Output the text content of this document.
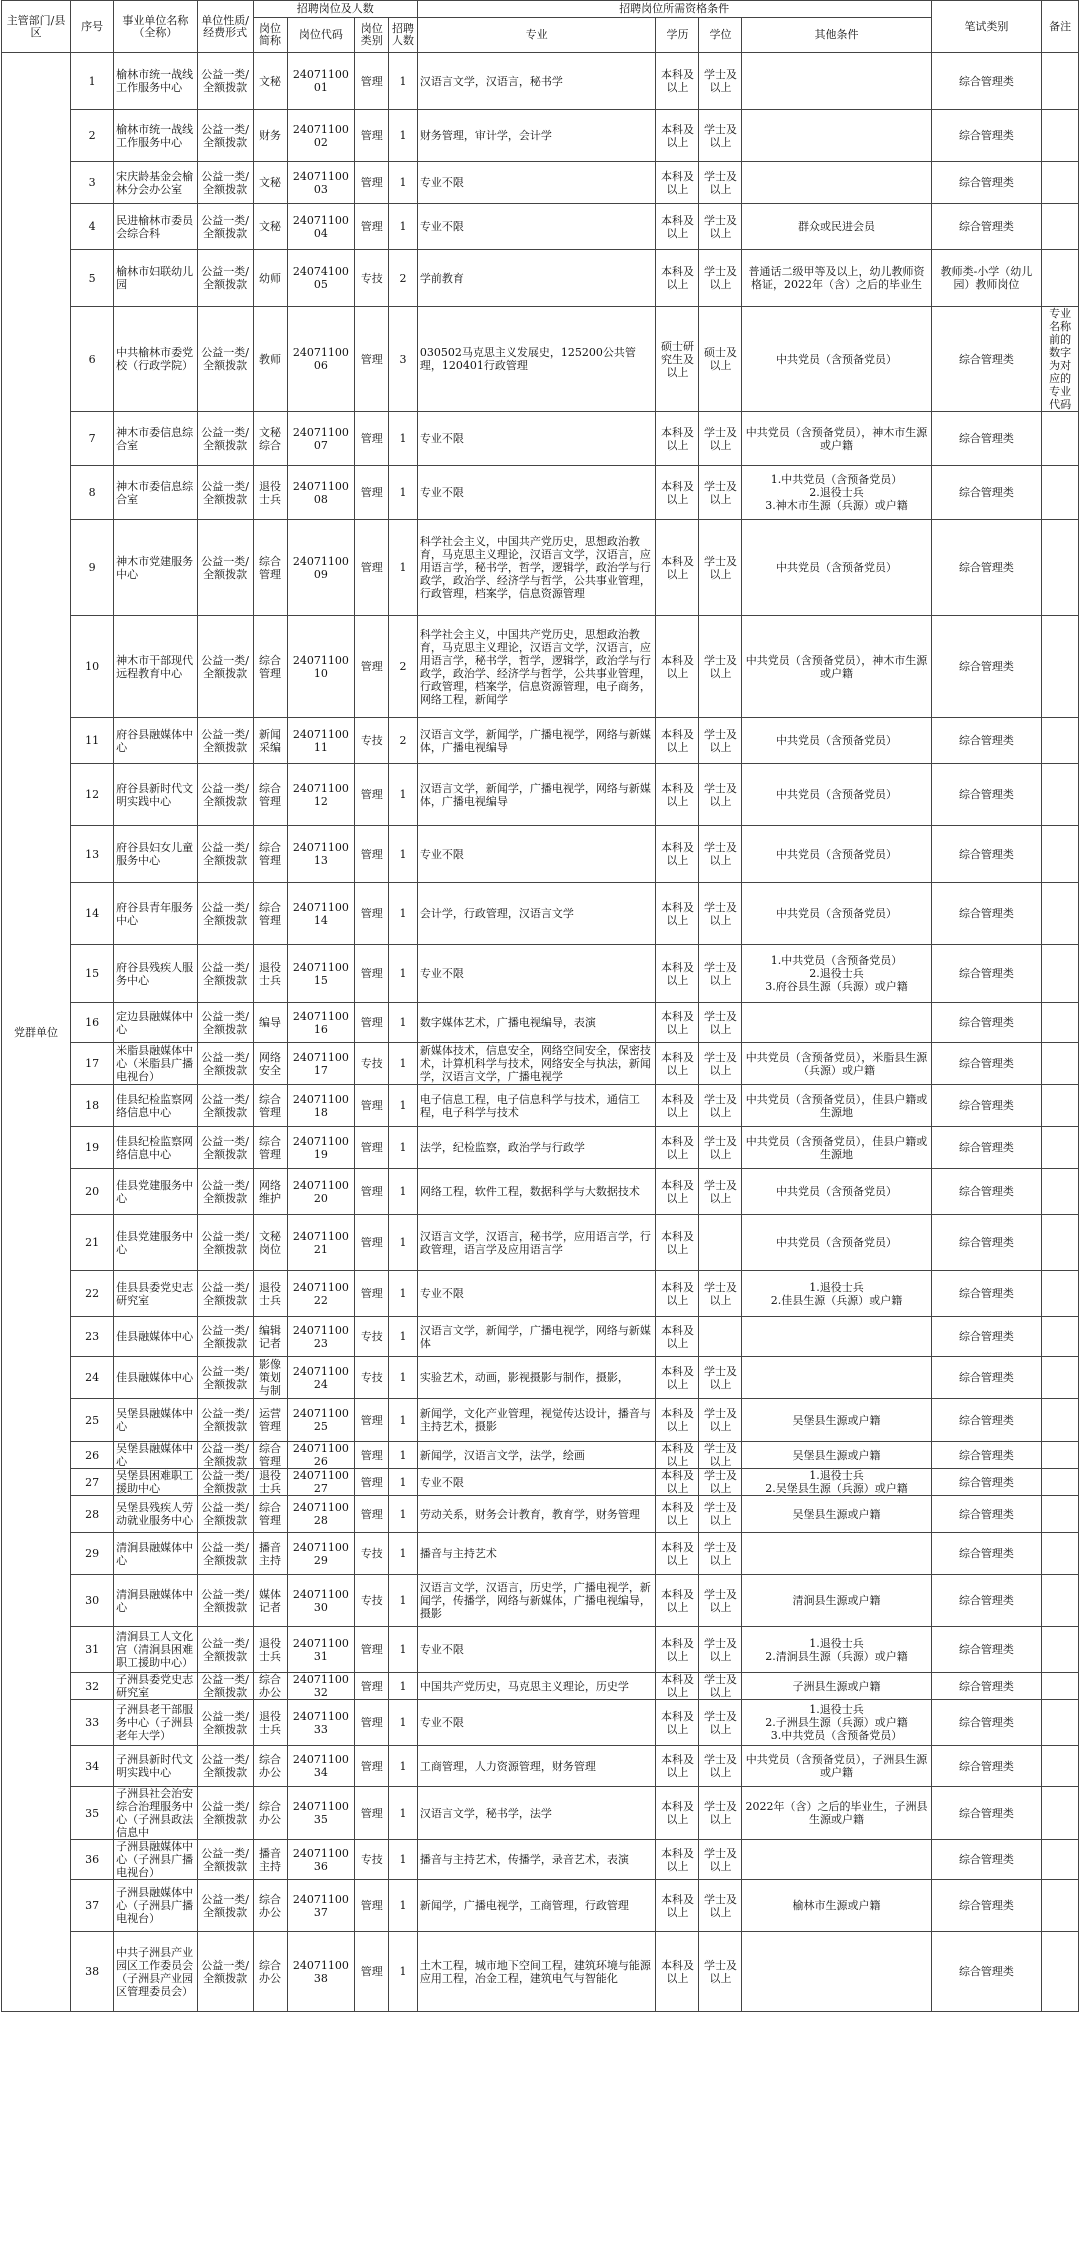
主管部门/县区	序号	事业单位名称（全称）	单位性质/经费形式	招聘岗位及人数				招聘岗位所需资格条件				笔试类别	备注
				岗位简称	岗位代码	岗位类别	招聘人数	专业	学历	学位	其他条件		
党群单位	1	榆林市统一战线工作服务中心	公益一类/全额拨款	文秘	2407110001	管理	1	汉语言文学，汉语言，秘书学	本科及以上	学士及以上		综合管理类	
	2	榆林市统一战线工作服务中心	公益一类/全额拨款	财务	2407110002	管理	1	财务管理，审计学，会计学	本科及以上	学士及以上		综合管理类	
	3	宋庆龄基金会榆林分会办公室	公益一类/全额拨款	文秘	2407110003	管理	1	专业不限	本科及以上	学士及以上		综合管理类	
	4	民进榆林市委员会综合科	公益一类/全额拨款	文秘	2407110004	管理	1	专业不限	本科及以上	学士及以上	群众或民进会员	综合管理类	
	5	榆林市妇联幼儿园	公益一类/全额拨款	幼师	2407410005	专技	2	学前教育	本科及以上	学士及以上	普通话二级甲等及以上，幼儿教师资格证，2022年（含）之后的毕业生	教师类-小学（幼儿园）教师岗位	
	6	中共榆林市委党校（行政学院）	公益一类/全额拨款	教师	2407110006	管理	3	030502马克思主义发展史，125200公共管理，120401行政管理	硕士研究生及以上	硕士及以上	中共党员（含预备党员）	综合管理类	专业名称前的数字为对应的专业代码
	7	神木市委信息综合室	公益一类/全额拨款	文秘综合	2407110007	管理	1	专业不限	本科及以上	学士及以上	中共党员（含预备党员），神木市生源或户籍	综合管理类	
	8	神木市委信息综合室	公益一类/全额拨款	退役士兵	2407110008	管理	1	专业不限	本科及以上	学士及以上	1.中共党员（含预备党员）
2.退役士兵
3.神木市生源（兵源）或户籍	综合管理类	
	9	神木市党建服务中心	公益一类/全额拨款	综合管理	2407110009	管理	1	科学社会主义，中国共产党历史，思想政治教育，马克思主义理论，汉语言文学，汉语言，应用语言学，秘书学，哲学，逻辑学，政治学与行政学，政治学、经济学与哲学，公共事业管理，行政管理，档案学，信息资源管理	本科及以上	学士及以上	中共党员（含预备党员）	综合管理类	
	10	神木市干部现代远程教育中心	公益一类/全额拨款	综合管理	2407110010	管理	2	科学社会主义，中国共产党历史，思想政治教育，马克思主义理论，汉语言文学，汉语言，应用语言学，秘书学，哲学，逻辑学，政治学与行政学，政治学、经济学与哲学，公共事业管理，行政管理，档案学，信息资源管理，电子商务，网络工程，新闻学	本科及以上	学士及以上	中共党员（含预备党员），神木市生源或户籍	综合管理类	
	11	府谷县融媒体中心	公益一类/全额拨款	新闻采编	2407110011	专技	2	汉语言文学，新闻学，广播电视学，网络与新媒体，广播电视编导	本科及以上	学士及以上	中共党员（含预备党员）	综合管理类	
	12	府谷县新时代文明实践中心	公益一类/全额拨款	综合管理	2407110012	管理	1	汉语言文学，新闻学，广播电视学，网络与新媒体，广播电视编导	本科及以上	学士及以上	中共党员（含预备党员）	综合管理类	
	13	府谷县妇女儿童服务中心	公益一类/全额拨款	综合管理	2407110013	管理	1	专业不限	本科及以上	学士及以上	中共党员（含预备党员）	综合管理类	
	14	府谷县青年服务中心	公益一类/全额拨款	综合管理	2407110014	管理	1	会计学，行政管理，汉语言文学	本科及以上	学士及以上	中共党员（含预备党员）	综合管理类	
	15	府谷县残疾人服务中心	公益一类/全额拨款	退役士兵	2407110015	管理	1	专业不限	本科及以上	学士及以上	1.中共党员（含预备党员）
2.退役士兵
3.府谷县生源（兵源）或户籍	综合管理类	
	16	定边县融媒体中心	公益一类/全额拨款	编导	2407110016	管理	1	数字媒体艺术，广播电视编导，表演	本科及以上	学士及以上		综合管理类	
	17	米脂县融媒体中心（米脂县广播电视台）	公益一类/全额拨款	网络安全	2407110017	专技	1	新媒体技术，信息安全，网络空间安全，保密技术，计算机科学与技术，网络安全与执法，新闻学，汉语言文学，广播电视学	本科及以上	学士及以上	中共党员（含预备党员），米脂县生源（兵源）或户籍	综合管理类	
	18	佳县纪检监察网络信息中心	公益一类/全额拨款	综合管理	2407110018	管理	1	电子信息工程，电子信息科学与技术，通信工程，电子科学与技术	本科及以上	学士及以上	中共党员（含预备党员），佳县户籍或生源地	综合管理类	
	19	佳县纪检监察网络信息中心	公益一类/全额拨款	综合管理	2407110019	管理	1	法学，纪检监察，政治学与行政学	本科及以上	学士及以上	中共党员（含预备党员），佳县户籍或生源地	综合管理类	
	20	佳县党建服务中心	公益一类/全额拨款	网络维护	2407110020	管理	1	网络工程，软件工程，数据科学与大数据技术	本科及以上	学士及以上	中共党员（含预备党员）	综合管理类	
	21	佳县党建服务中心	公益一类/全额拨款	文秘岗位	2407110021	管理	1	汉语言文学，汉语言，秘书学，应用语言学，行政管理，语言学及应用语言学	本科及以上		中共党员（含预备党员）	综合管理类	
	22	佳县县委党史志研究室	公益一类/全额拨款	退役士兵	2407110022	管理	1	专业不限	本科及以上	学士及以上	1.退役士兵
2.佳县生源（兵源）或户籍	综合管理类	
	23	佳县融媒体中心	公益一类/全额拨款	编辑记者	2407110023	专技	1	汉语言文学，新闻学，广播电视学，网络与新媒体	本科及以上			综合管理类	
	24	佳县融媒体中心	公益一类/全额拨款	影像策划与制	2407110024	专技	1	实验艺术，动画，影视摄影与制作，摄影，	本科及以上	学士及以上		综合管理类	
	25	吴堡县融媒体中心	公益一类/全额拨款	运营管理	2407110025	管理	1	新闻学，文化产业管理，视觉传达设计，播音与主持艺术，摄影	本科及以上	学士及以上	吴堡县生源或户籍	综合管理类	
	26	吴堡县融媒体中心	公益一类/全额拨款	综合管理	2407110026	管理	1	新闻学，汉语言文学，法学，绘画	本科及以上	学士及以上	吴堡县生源或户籍	综合管理类	
	27	吴堡县困难职工援助中心	公益一类/全额拨款	退役士兵	2407110027	管理	1	专业不限	本科及以上	学士及以上	1.退役士兵
2.吴堡县生源（兵源）或户籍	综合管理类	
	28	吴堡县残疾人劳动就业服务中心	公益一类/全额拨款	综合管理	2407110028	管理	1	劳动关系，财务会计教育，教育学，财务管理	本科及以上	学士及以上	吴堡县生源或户籍	综合管理类	
	29	清涧县融媒体中心	公益一类/全额拨款	播音主持	2407110029	专技	1	播音与主持艺术	本科及以上	学士及以上		综合管理类	
	30	清涧县融媒体中心	公益一类/全额拨款	媒体记者	2407110030	专技	1	汉语言文学，汉语言，历史学，广播电视学，新闻学，传播学，网络与新媒体，广播电视编导，摄影	本科及以上	学士及以上	清涧县生源或户籍	综合管理类	
	31	清涧县工人文化宫（清涧县困难职工援助中心）	公益一类/全额拨款	退役士兵	2407110031	管理	1	专业不限	本科及以上	学士及以上	1.退役士兵
2.清涧县生源（兵源）或户籍	综合管理类	
	32	子洲县委党史志研究室	公益一类/全额拨款	综合办公	2407110032	管理	1	中国共产党历史，马克思主义理论，历史学	本科及以上	学士及以上	子洲县生源或户籍	综合管理类	
	33	子洲县老干部服务中心（子洲县老年大学）	公益一类/全额拨款	退役士兵	2407110033	管理	1	专业不限	本科及以上	学士及以上	1.退役士兵
2.子洲县生源（兵源）或户籍
3.中共党员（含预备党员）	综合管理类	
	34	子洲县新时代文明实践中心	公益一类/全额拨款	综合办公	2407110034	管理	1	工商管理，人力资源管理，财务管理	本科及以上	学士及以上	中共党员（含预备党员），子洲县生源或户籍	综合管理类	
	35	子洲县社会治安综合治理服务中心（子洲县政法信息中	公益一类/全额拨款	综合办公	2407110035	管理	1	汉语言文学，秘书学，法学	本科及以上	学士及以上	2022年（含）之后的毕业生，子洲县生源或户籍	综合管理类	
	36	子洲县融媒体中心（子洲县广播电视台）	公益一类/全额拨款	播音主持	2407110036	专技	1	播音与主持艺术，传播学，录音艺术，表演	本科及以上	学士及以上		综合管理类	
	37	子洲县融媒体中心（子洲县广播电视台）	公益一类/全额拨款	综合办公	2407110037	管理	1	新闻学，广播电视学，工商管理，行政管理	本科及以上	学士及以上	榆林市生源或户籍	综合管理类	
	38	中共子洲县产业园区工作委员会（子洲县产业园区管理委员会）	公益一类/全额拨款	综合办公	2407110038	管理	1	土木工程，城市地下空间工程，建筑环境与能源应用工程，冶金工程，建筑电气与智能化	本科及以上	学士及以上		综合管理类	
